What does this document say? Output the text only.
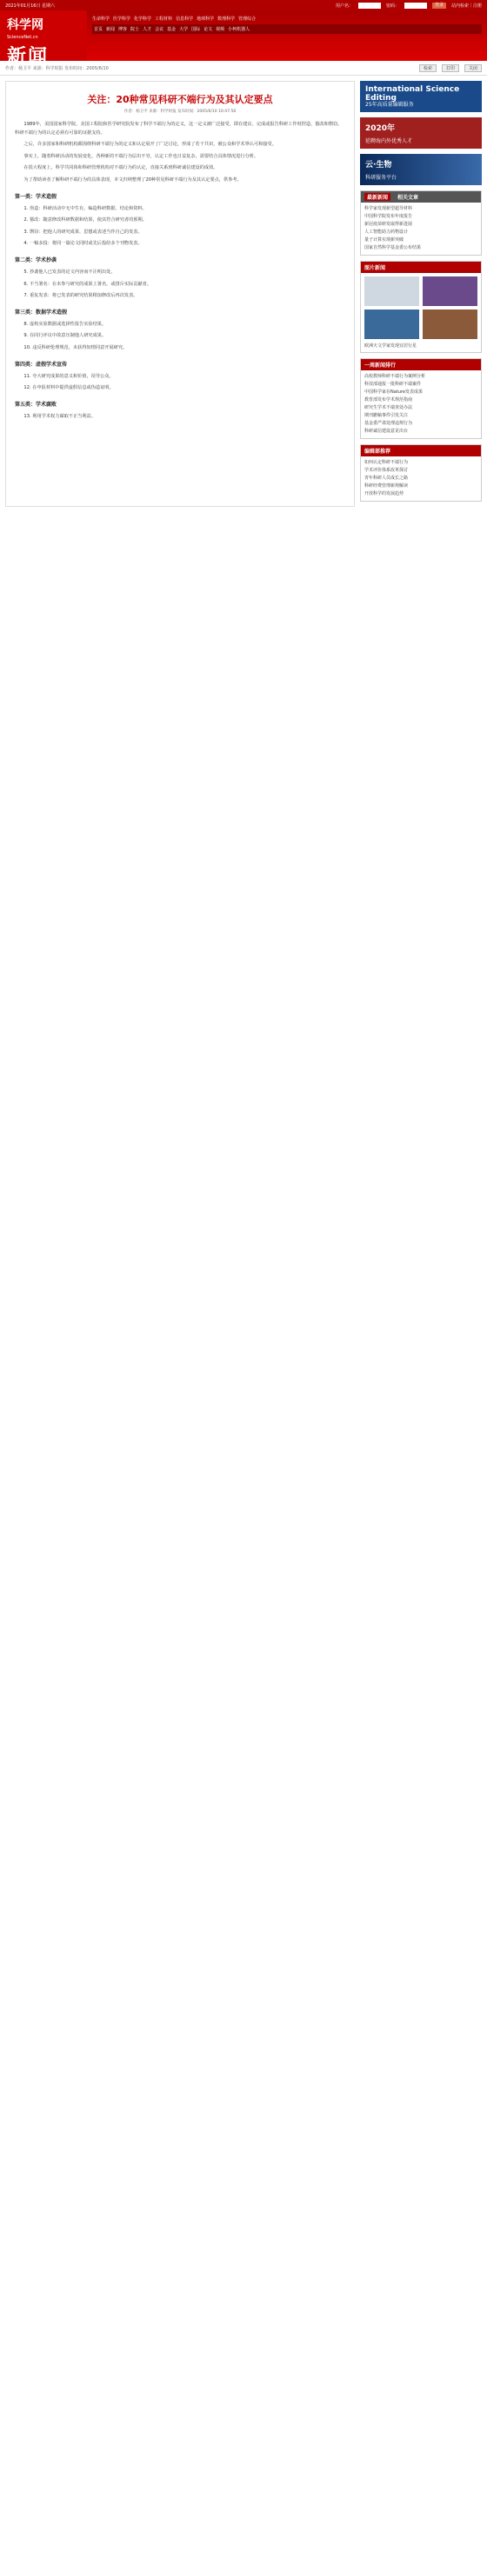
2021年01月16日 星期六	用户名：	密码：	登录	站内检索｜注册
科学网
ScienceNet.cn
新闻
生命科学 医学科学 化学科学 工程材料 信息科学 地球科学 数理科学 管理综合
首页 新闻 博客 院士 人才 会议 基金 大学 国际 论文 视频 小柯机器人
作者：杨卫平 来源：科学时报 发布时间：2005/6/10	检索	打印	关闭
关注：20种常见科研不端行为及其认定要点
作者：杨卫平 来源：科学时报 发布时间：2005/6/10 10:47:56

1989年，美国国家科学院、美国工程院和医学研究院发布了科学不端行为的定义，这一定义被广泛接受，即在建议、完成或报告科研工作时捏造、篡改和剽窃。科研不端行为的认定必须有可靠的证据支持。

之后，许多国家和科研机构都围绕科研不端行为的定义和认定展开了广泛讨论，形成了若干共识，被公众和学术界认可和接受。

事实上，随着科研活动的发展变化，各种新的不端行为层出不穷，认定工作也日益复杂，需要结合具体情况进行分析。

在很大程度上，科学共同体和科研管理机构对不端行为的认定，直接关系到科研诚信建设的成效。

为了帮助读者了解科研不端行为的具体表现，本文归纳整理了20种常见科研不端行为及其认定要点，供参考。

第一类：学术造假

1. 伪造：科研活动中无中生有，编造科研数据、结论和资料。

2. 篡改：随意修改科研数据和结果，使其符合研究者的预期。

3. 剽窃：把他人的研究成果、思想或表述当作自己的发表。

4. 一稿多投：将同一篇论文同时或先后投给多个刊物发表。

第二类：学术抄袭

5. 抄袭他人已发表的论文内容而不注明出处。

6. 不当署名：在未参与研究的成果上署名，或排斥实际贡献者。

7. 重复发表：将已发表的研究结果稍加修改后再次发表。

第三类：数据学术造假

8. 虚构实验数据或选择性报告实验结果。

9. 在同行评议中故意压制他人研究成果。

10. 违反科研伦理规范，未获得知情同意开展研究。

第四类：虚假学术宣传

11. 夸大研究成果的意义和价值，误导公众。

12. 在申报材料中提供虚假信息或伪造证明。

第五类：学术腐败

13. 利用学术权力谋取不正当利益。

International Science Editing
25年高质量编辑服务
2020年
延聘海内外优秀人才
云·生物
科研服务平台
最新新闻	相关文章
科学家发现新型超导材料
中国科学院发布年度报告
新冠疫苗研发取得新进展
人工智能助力药物设计
量子计算实现新突破
国家自然科学基金委公布结果
图片新闻
欧洲天文学家发现宜居行星
一周新闻排行
高校教师科研不端行为案例分析
科技部通报一批科研不端案件
中国科学家在Nature发表成果
教育部发布学术规范指南
研究生学术不端查处办法
期刊撤稿事件引发关注
基金委严肃处理违规行为
科研诚信建设意见出台
编辑部推荐
如何认定科研不端行为
学术评价体系改革探讨
青年科研人员成长之路
科研经费管理新规解读
开放科学的发展趋势
